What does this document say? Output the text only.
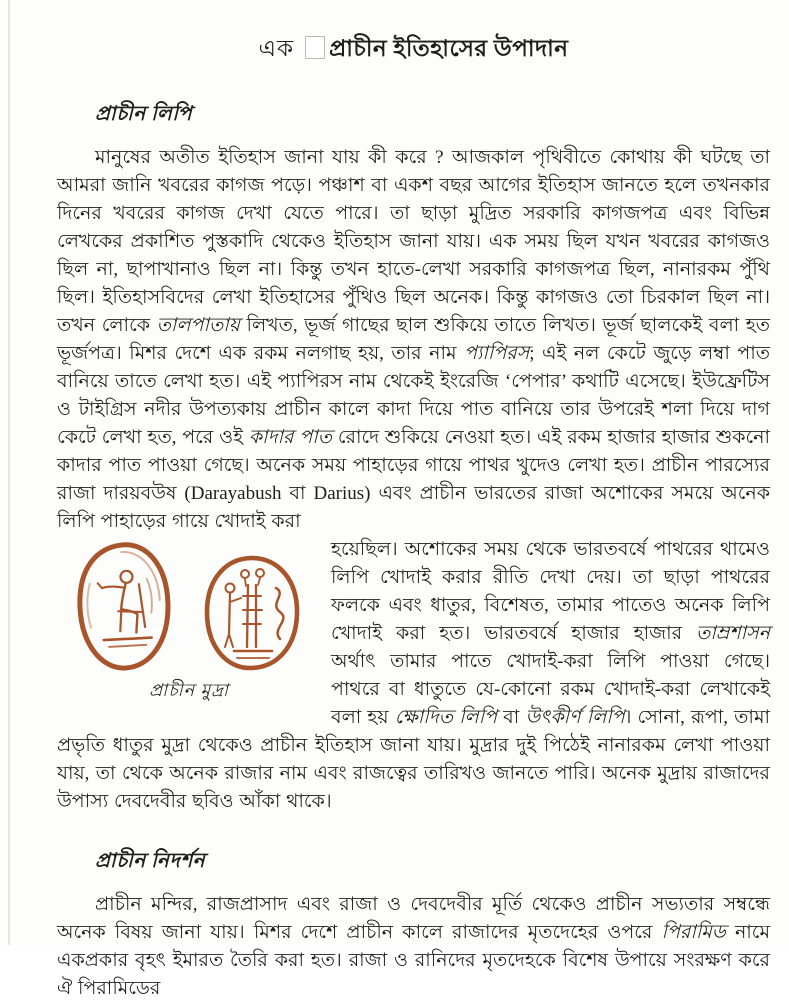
এক প্রাচীন ইতিহাসের উপাদান
প্রাচীন লিপি

মানুষের অতীত ইতিহাস জানা যায় কী করে ? আজকাল পৃথিবীতে কোথায় কী ঘটছে তা আমরা জানি খবরের কাগজ পড়ে। পঞ্চাশ বা একশ বছর আগের ইতিহাস জানতে হলে তখনকার দিনের খবরের কাগজ দেখা যেতে পারে। তা ছাড়া মুদ্রিত সরকারি কাগজপত্র এবং বিভিন্ন লেখকের প্রকাশিত পুস্তকাদি থেকেও ইতিহাস জানা যায়। এক সময় ছিল যখন খবরের কাগজও ছিল না, ছাপাখানাও ছিল না। কিন্তু তখন হাতে-লেখা সরকারি কাগজপত্র ছিল, নানারকম পুঁথি ছিল। ইতিহাসবিদের লেখা ইতিহাসের পুঁথিও ছিল অনেক। কিন্তু কাগজও তো চিরকাল ছিল না। তখন লোকে তালপাতায় লিখত, ভূর্জ গাছের ছাল শুকিয়ে তাতে লিখত। ভূর্জ ছালকেই বলা হত ভূর্জপত্র। মিশর দেশে এক রকম নলগাছ হয়, তার নাম প্যাপিরস; এই নল কেটে জুড়ে লম্বা পাত বানিয়ে তাতে লেখা হত। এই প্যাপিরস নাম থেকেই ইংরেজি ‘পেপার’ কথাটি এসেছে। ইউফ্রেটিস ও টাইগ্রিস নদীর উপত্যকায় প্রাচীন কালে কাদা দিয়ে পাত বানিয়ে তার উপরেই শলা দিয়ে দাগ কেটে লেখা হত, পরে ওই কাদার পাত রোদে শুকিয়ে নেওয়া হত। এই রকম হাজার হাজার শুকনো কাদার পাত পাওয়া গেছে। অনেক সময় পাহাড়ের গায়ে পাথর খুদেও লেখা হত। প্রাচীন পারস্যের রাজা দারয়বউষ (Darayabush বা Darius) এবং প্রাচীন ভারতের রাজা অশোকের সময়ে অনেক লিপি পাহাড়ের গায়ে খোদাই করা

প্রাচীন মুদ্রা

হয়েছিল। অশোকের সময় থেকে ভারতবর্ষে পাথরের থামেও লিপি খোদাই করার রীতি দেখা দেয়। তা ছাড়া পাথরের ফলকে এবং ধাতুর, বিশেষত, তামার পাতেও অনেক লিপি খোদাই করা হত। ভারতবর্ষে হাজার হাজার তাম্রশাসন অর্থাৎ তামার পাতে খোদাই-করা লিপি পাওয়া গেছে। পাথরে বা ধাতুতে যে-কোনো রকম খোদাই-করা লেখাকেই বলা হয় ক্ষোদিত লিপি বা উৎকীর্ণ লিপি। সোনা, রূপা, তামা প্রভৃতি ধাতুর মুদ্রা থেকেও প্রাচীন ইতিহাস জানা যায়। মুদ্রার দুই পিঠেই নানারকম লেখা পাওয়া যায়, তা থেকে অনেক রাজার নাম এবং রাজত্বের তারিখও জানতে পারি। অনেক মুদ্রায় রাজাদের উপাস্য দেবদেবীর ছবিও আঁকা থাকে।

প্রাচীন নিদর্শন

প্রাচীন মন্দির, রাজপ্রাসাদ এবং রাজা ও দেবদেবীর মূর্তি থেকেও প্রাচীন সভ্যতার সম্বন্ধে অনেক বিষয় জানা যায়। মিশর দেশে প্রাচীন কালে রাজাদের মৃতদেহের ওপরে পিরামিড নামে একপ্রকার বৃহৎ ইমারত তৈরি করা হত। রাজা ও রানিদের মৃতদেহকে বিশেষ উপায়ে সংরক্ষণ করে ঐ পিরামিডের
